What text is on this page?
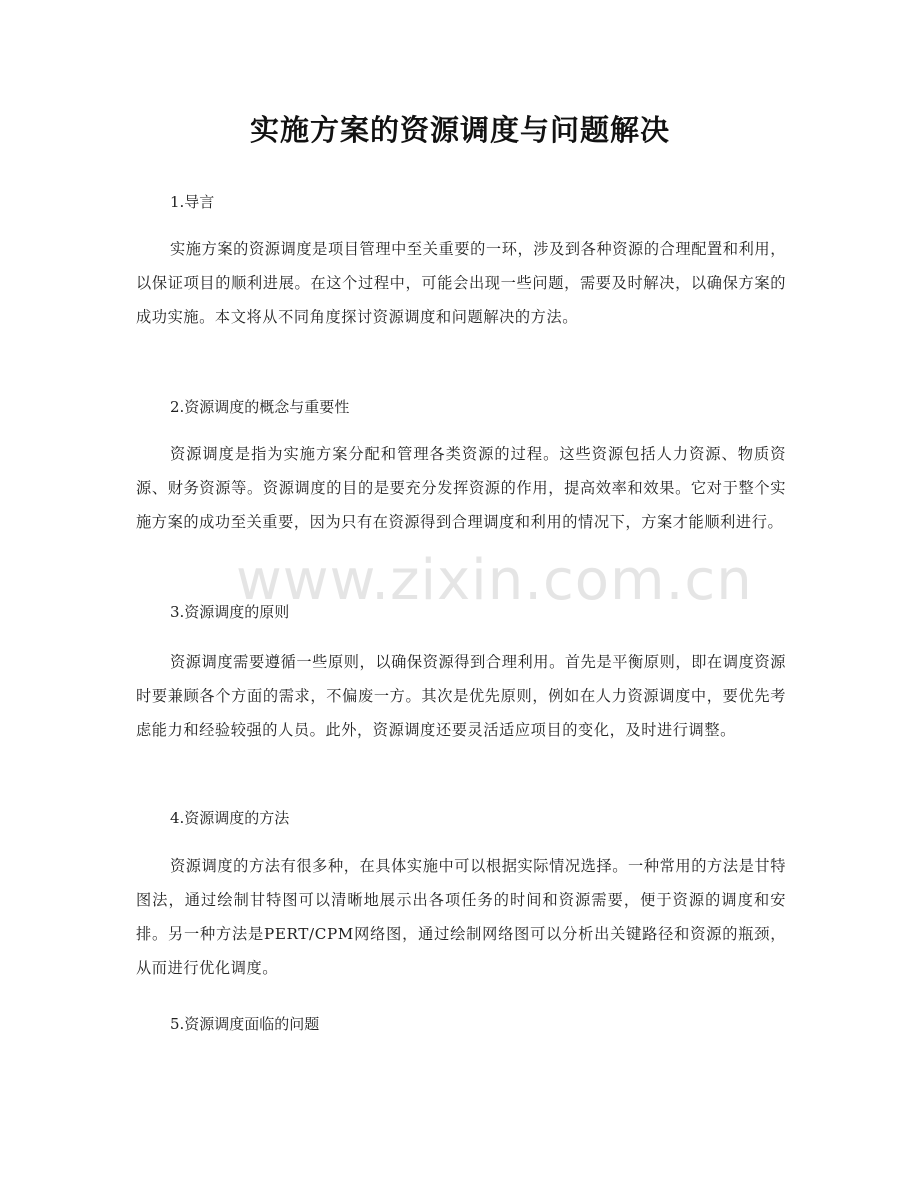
实施方案的资源调度与问题解决
1.导言
实施方案的资源调度是项目管理中至关重要的一环，涉及到各种资源的合理配置和利用，以保证项目的顺利进展。在这个过程中，可能会出现一些问题，需要及时解决，以确保方案的成功实施。本文将从不同角度探讨资源调度和问题解决的方法。
2.资源调度的概念与重要性
资源调度是指为实施方案分配和管理各类资源的过程。这些资源包括人力资源、物质资源、财务资源等。资源调度的目的是要充分发挥资源的作用，提高效率和效果。它对于整个实施方案的成功至关重要，因为只有在资源得到合理调度和利用的情况下，方案才能顺利进行。
3.资源调度的原则
资源调度需要遵循一些原则，以确保资源得到合理利用。首先是平衡原则，即在调度资源时要兼顾各个方面的需求，不偏废一方。其次是优先原则，例如在人力资源调度中，要优先考虑能力和经验较强的人员。此外，资源调度还要灵活适应项目的变化，及时进行调整。
4.资源调度的方法
资源调度的方法有很多种，在具体实施中可以根据实际情况选择。一种常用的方法是甘特图法，通过绘制甘特图可以清晰地展示出各项任务的时间和资源需要，便于资源的调度和安排。另一种方法是PERT/CPM网络图，通过绘制网络图可以分析出关键路径和资源的瓶颈，从而进行优化调度。
5.资源调度面临的问题
www.zixin.com.cn
